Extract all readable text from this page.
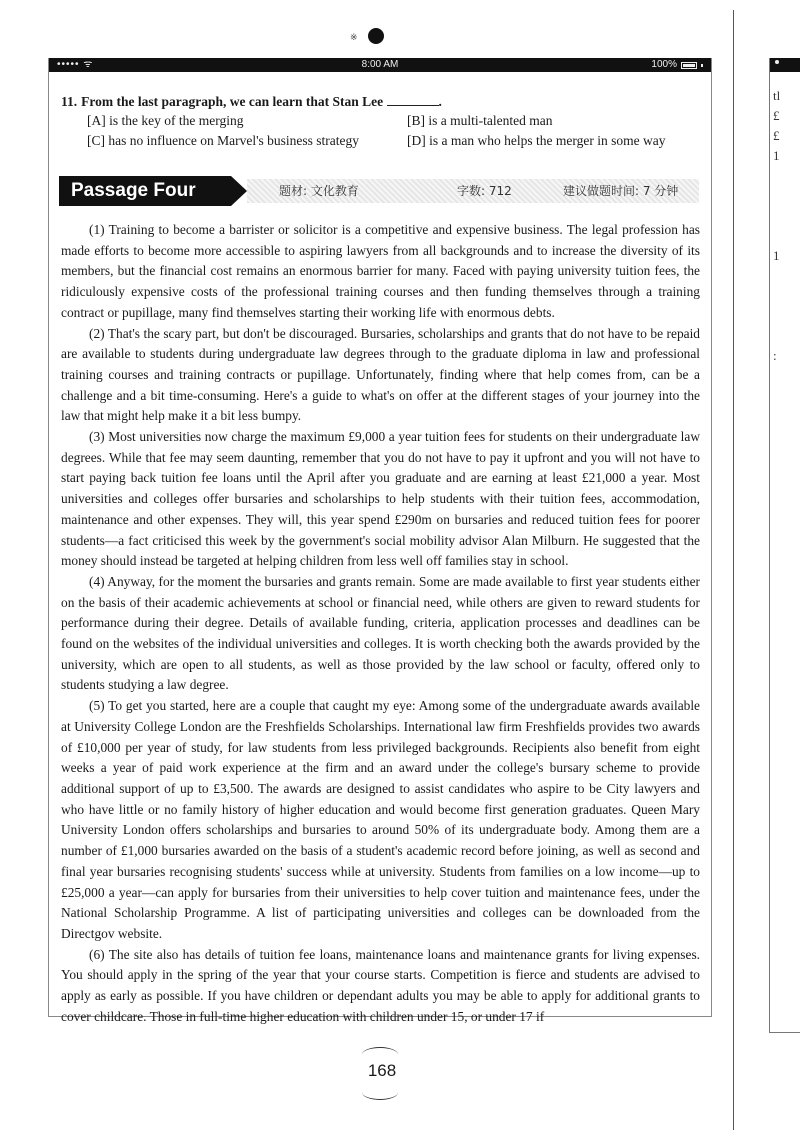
※
••••• ᯤ	8:00 AM	100%
11. From the last paragraph, we can learn that Stan Lee	.
[A] is the key of the merging	[B] is a multi-talented man
[C] has no influence on Marvel's business strategy	[D] is a man who helps the merger in some way
Passage Four	题材: 文化教育	字数: 712	建议做题时间: 7 分钟

(1) Training to become a barrister or solicitor is a competitive and expensive business. The legal profession has made efforts to become more accessible to aspiring lawyers from all backgrounds and to increase the diversity of its members, but the financial cost remains an enormous barrier for many. Faced with paying university tuition fees, the ridiculously expensive costs of the professional training courses and then funding themselves through a training contract or pupillage, many find themselves starting their working life with enormous debts.

(2) That's the scary part, but don't be discouraged. Bursaries, scholarships and grants that do not have to be repaid are available to students during undergraduate law degrees through to the graduate diploma in law and professional training courses and training contracts or pupillage. Unfortunately, finding where that help comes from, can be a challenge and a bit time-consuming. Here's a guide to what's on offer at the different stages of your journey into the law that might help make it a bit less bumpy.

(3) Most universities now charge the maximum £9,000 a year tuition fees for students on their undergraduate law degrees. While that fee may seem daunting, remember that you do not have to pay it upfront and you will not have to start paying back tuition fee loans until the April after you graduate and are earning at least £21,000 a year. Most universities and colleges offer bursaries and scholarships to help students with their tuition fees, accommodation, maintenance and other expenses. They will, this year spend £290m on bursaries and reduced tuition fees for poorer students—a fact criticised this week by the government's social mobility advisor Alan Milburn. He suggested that the money should instead be targeted at helping children from less well off families stay in school.

(4) Anyway, for the moment the bursaries and grants remain. Some are made available to first year students either on the basis of their academic achievements at school or financial need, while others are given to reward students for performance during their degree. Details of available funding, criteria, application processes and deadlines can be found on the websites of the individual universities and colleges. It is worth checking both the awards provided by the university, which are open to all students, as well as those provided by the law school or faculty, offered only to students studying a law degree.

(5) To get you started, here are a couple that caught my eye: Among some of the undergraduate awards available at University College London are the Freshfields Scholarships. International law firm Freshfields provides two awards of £10,000 per year of study, for law students from less privileged backgrounds. Recipients also benefit from eight weeks a year of paid work experience at the firm and an award under the college's bursary scheme to provide additional support of up to £3,500. The awards are designed to assist candidates who aspire to be City lawyers and who have little or no family history of higher education and would become first generation graduates. Queen Mary University London offers scholarships and bursaries to around 50% of its undergraduate body. Among them are a number of £1,000 bursaries awarded on the basis of a student's academic record before joining, as well as second and final year bursaries recognising students' success while at university. Students from families on a low income—up to £25,000 a year—can apply for bursaries from their universities to help cover tuition and maintenance fees, under the National Scholarship Programme. A list of participating universities and colleges can be downloaded from the Directgov website.

(6) The site also has details of tuition fee loans, maintenance loans and maintenance grants for living expenses. You should apply in the spring of the year that your course starts. Competition is fierce and students are advised to apply as early as possible. If you have children or dependant adults you may be able to apply for additional grants to cover childcare. Those in full-time higher education with children under 15, or under 17 if

168
tl
£
£
1
1
:
